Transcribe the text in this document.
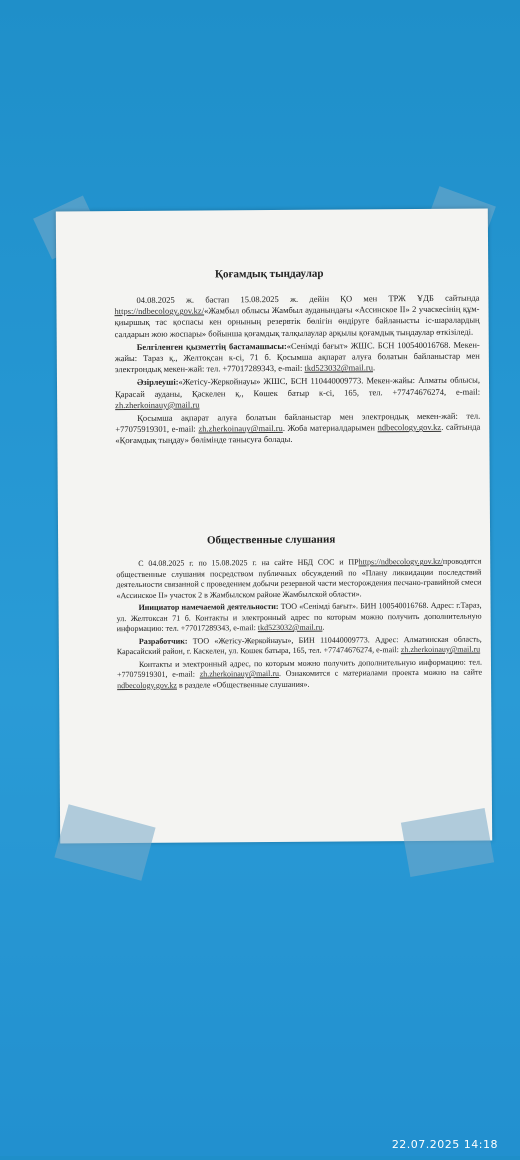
Қоғамдық тыңдаулар

04.08.2025 ж. бастап 15.08.2025 ж. дейін ҚО мен ТРЖ ҰДБ сайтында https://ndbecology.gov.kz/«Жамбыл облысы Жамбыл ауданындағы «Ассинское II» 2 учаскесінің құм-қиыршық тас қоспасы кен орнының резервтік бөлігін өндіруге байланысты іс-шаралардың салдарын жою жоспары» бойынша қоғамдық талқылаулар арқылы қоғамдық тыңдаулар өткізіледі.

Белгіленген қызметтің бастамашысы:«Сенімді бағыт» ЖШС. БСН 100540016768. Мекен-жайы: Тараз қ., Желтоқсан к-сі, 71 б. Қосымша ақпарат алуға болатын байланыстар мен электрондық мекен-жай: тел. +77017289343, e-mail: tkd523032@mail.ru.

Әзірлеуші:«Жетісу-Жеркойнауы» ЖШС, БСН 110440009773. Мекен-жайы: Алматы облысы, Қарасай ауданы, Қаскелен қ., Көшек батыр к-сі, 165, тел. +77474676274, e-mail: zh.zherkoinauy@mail.ru

Қосымша ақпарат алуға болатын байланыстар мен электрондық мекен-жай: тел. +77075919301, e-mail: zh.zherkoinauy@mail.ru. Жоба материалдарымен ndbecology.gov.kz. сайтында «Қоғамдық тыңдау» бөлімінде танысуға болады.

Общественные слушания

С 04.08.2025 г. по 15.08.2025 г. на сайте НБД СОС и ПРhttps://ndbecology.gov.kz/проводятся общественные слушания посредством публичных обсуждений по «Плану ликвидации последствий деятельности связанной с проведением добычи резервной части месторождения песчано-гравийной смеси «Ассинское II» участок 2 в Жамбылском районе Жамбылской области».

Инициатор намечаемой деятельности: ТОО «Сенімді бағыт». БИН 100540016768. Адрес: г.Тараз, ул. Желтоксан 71 б. Контакты и электронный адрес по которым можно получить дополнительную информацию: тел. +77017289343, e-mail: tkd523032@mail.ru.

Разработчик: ТОО «Жетісу-Жеркойнауы», БИН 110440009773. Адрес: Алматинская область, Карасайский район, г. Каскелен, ул. Кошек батыра, 165, тел. +77474676274, e-mail: zh.zherkoinauy@mail.ru

Контакты и электронный адрес, по которым можно получить дополнительную информацию: тел. +77075919301, e-mail: zh.zherkoinauy@mail.ru. Ознакомится с материалами проекта можно на сайте ndbecology.gov.kz в разделе «Общественные слушания».

22.07.2025 14:18
